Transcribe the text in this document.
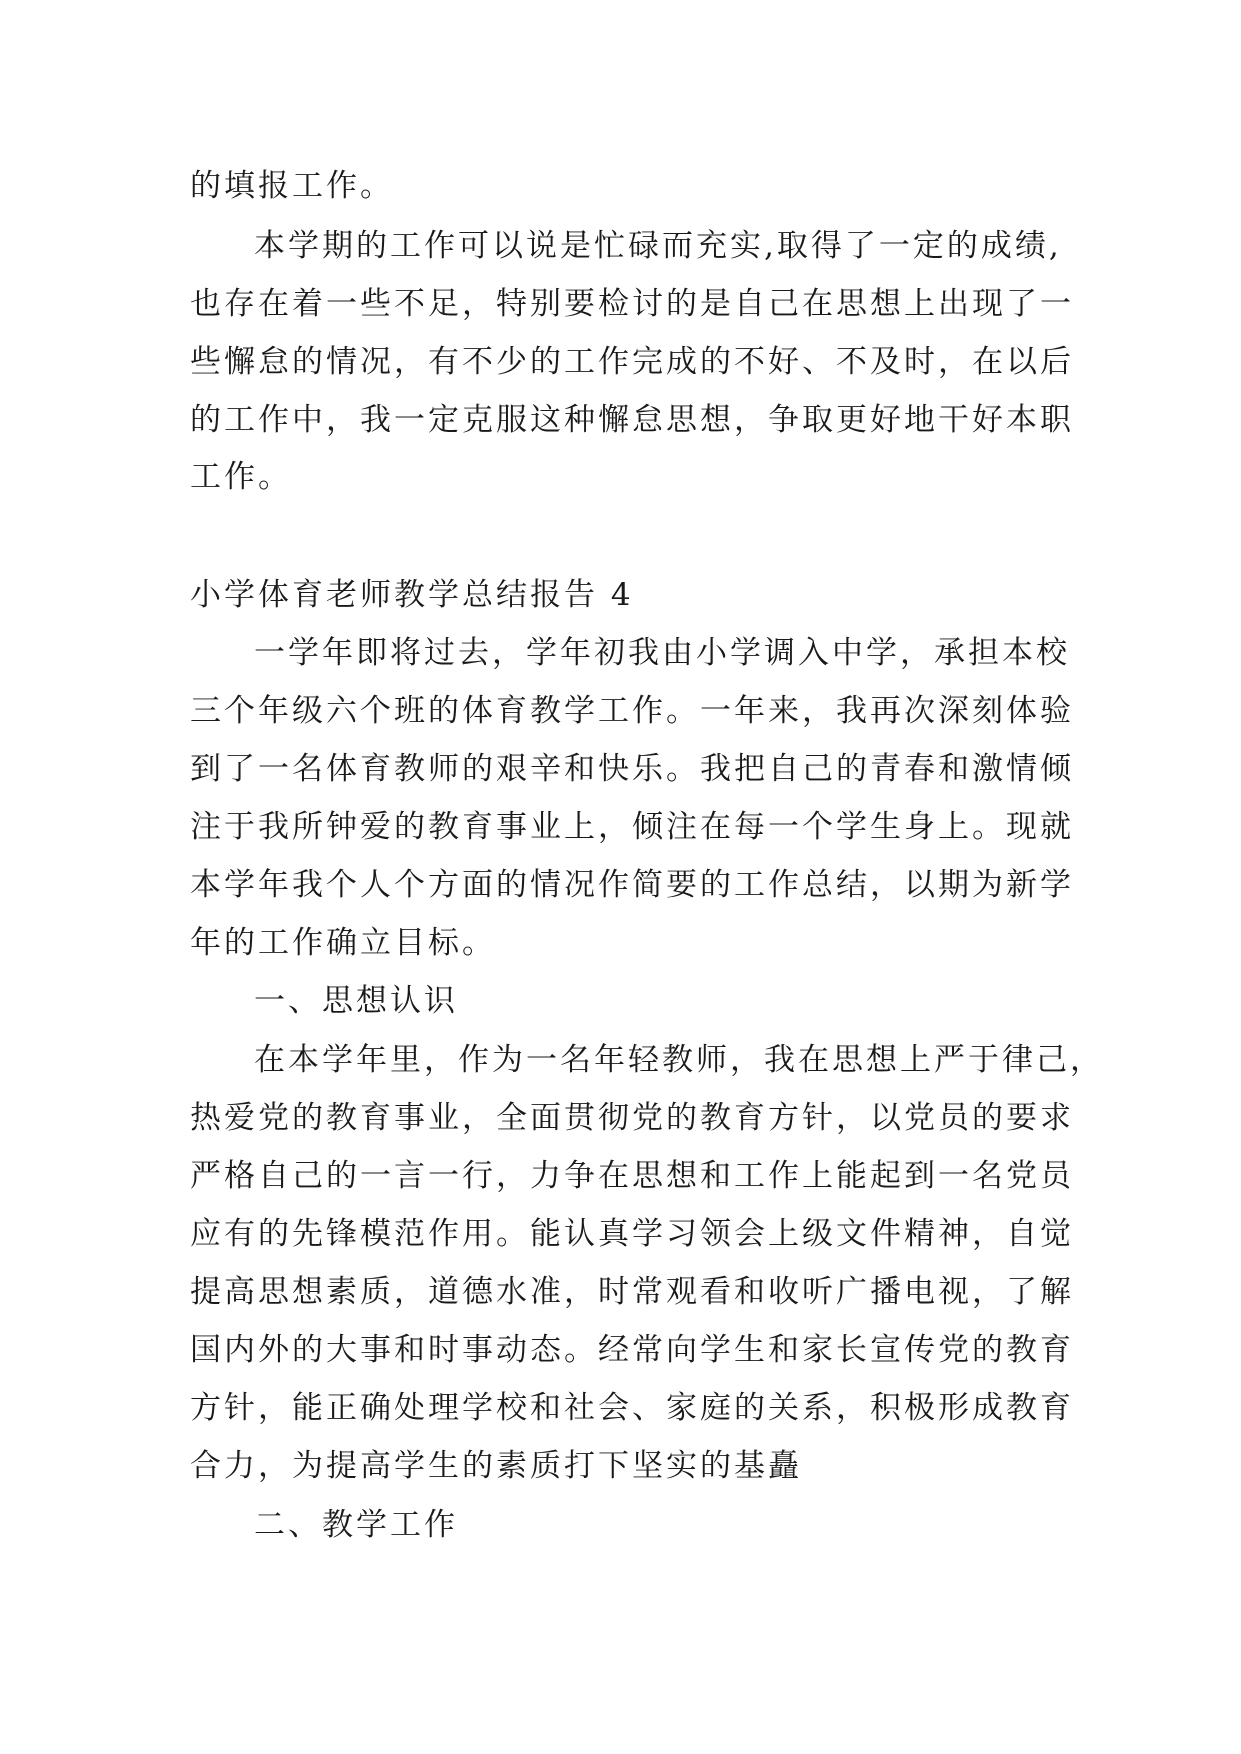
的填报工作。
本学期的工作可以说是忙碌而充实,取得了一定的成绩,
也存在着一些不足，特别要检讨的是自己在思想上出现了一
些懈怠的情况，有不少的工作完成的不好、不及时，在以后
的工作中，我一定克服这种懈怠思想，争取更好地干好本职
工作。
小学体育老师教学总结报告 4
一学年即将过去，学年初我由小学调入中学，承担本校
三个年级六个班的体育教学工作。一年来，我再次深刻体验
到了一名体育教师的艰辛和快乐。我把自己的青春和激情倾
注于我所钟爱的教育事业上，倾注在每一个学生身上。现就
本学年我个人个方面的情况作简要的工作总结，以期为新学
年的工作确立目标。
一、思想认识
在本学年里，作为一名年轻教师，我在思想上严于律己，
热爱党的教育事业，全面贯彻党的教育方针，以党员的要求
严格自己的一言一行，力争在思想和工作上能起到一名党员
应有的先锋模范作用。能认真学习领会上级文件精神，自觉
提高思想素质，道德水准，时常观看和收听广播电视，了解
国内外的大事和时事动态。经常向学生和家长宣传党的教育
方针，能正确处理学校和社会、家庭的关系，积极形成教育
合力，为提高学生的素质打下坚实的基矗
二、教学工作
